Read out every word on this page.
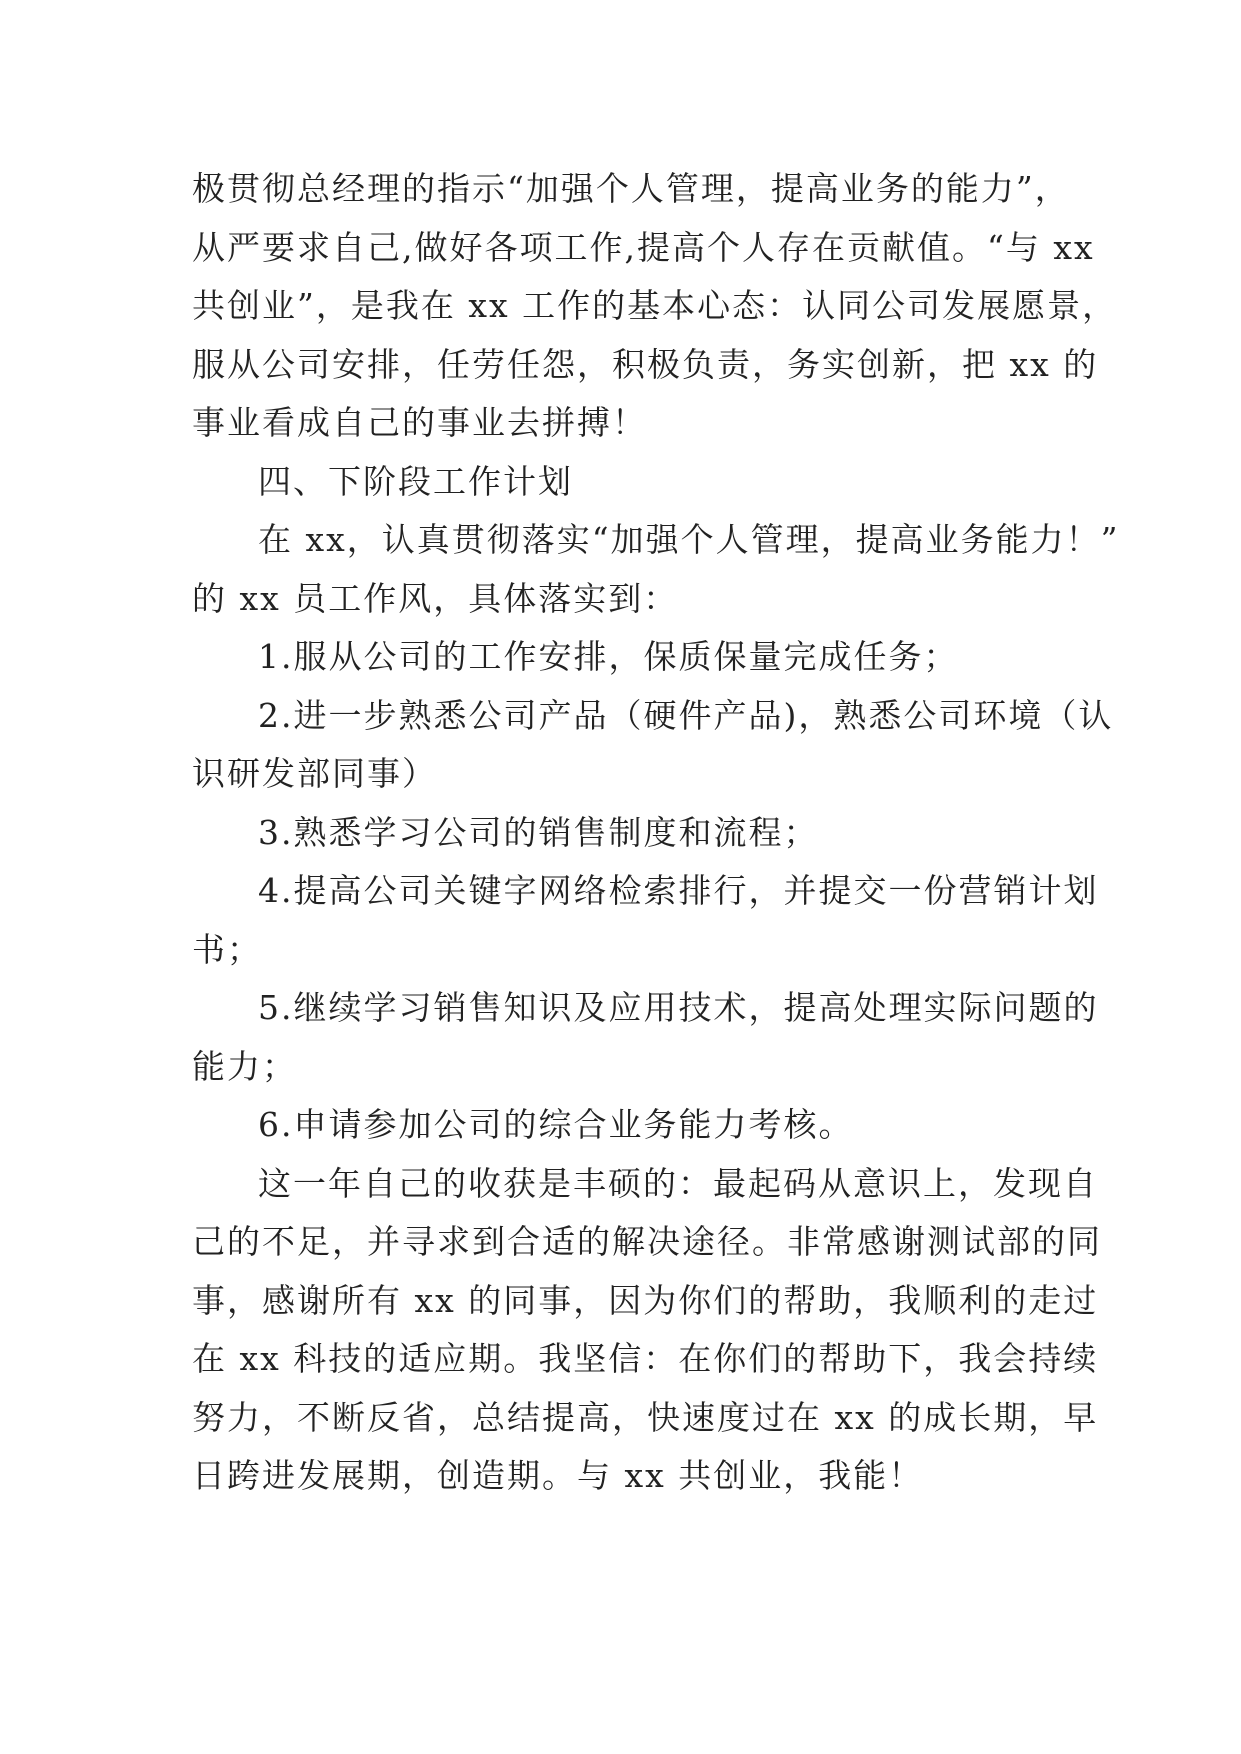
极贯彻总经理的指示“加强个人管理，提高业务的能力”，
从严要求自己,做好各项工作,提高个人存在贡献值。“与 xx
共创业”，是我在 xx 工作的基本心态：认同公司发展愿景，
服从公司安排，任劳任怨，积极负责，务实创新，把 xx 的
事业看成自己的事业去拼搏！
四、下阶段工作计划
在 xx，认真贯彻落实“加强个人管理，提高业务能力！”
的 xx 员工作风，具体落实到：
1.服从公司的工作安排，保质保量完成任务；
2.进一步熟悉公司产品（硬件产品)，熟悉公司环境（认
识研发部同事）
3.熟悉学习公司的销售制度和流程；
4.提高公司关键字网络检索排行，并提交一份营销计划
书；
5.继续学习销售知识及应用技术，提高处理实际问题的
能力；
6.申请参加公司的综合业务能力考核。
这一年自己的收获是丰硕的：最起码从意识上，发现自
己的不足，并寻求到合适的解决途径。非常感谢测试部的同
事，感谢所有 xx 的同事，因为你们的帮助，我顺利的走过
在 xx 科技的适应期。我坚信：在你们的帮助下，我会持续
努力，不断反省，总结提高，快速度过在 xx 的成长期，早
日跨进发展期，创造期。与 xx 共创业，我能！
